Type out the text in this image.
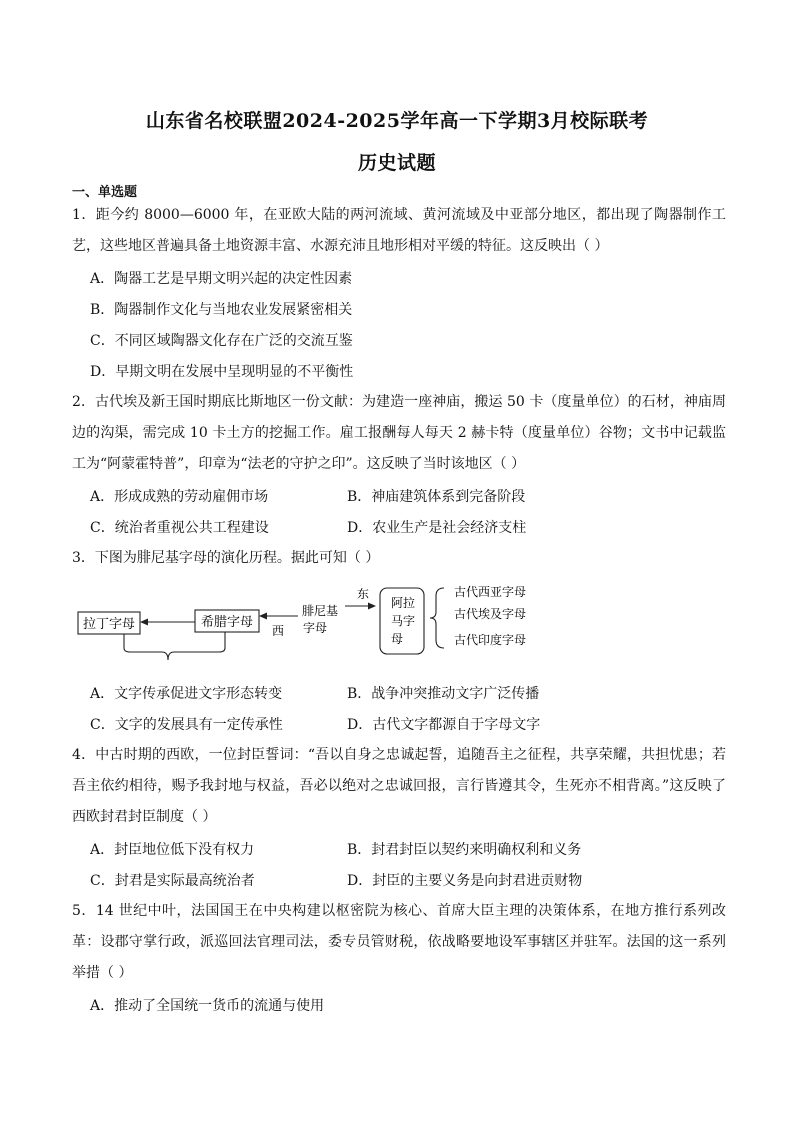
山东省名校联盟2024-2025学年高一下学期3月校际联考
历史试题
一、单选题
1．距今约 8000—6000 年，在亚欧大陆的两河流域、黄河流域及中亚部分地区，都出现了陶器制作工艺，这些地区普遍具备土地资源丰富、水源充沛且地形相对平缓的特征。这反映出（ ）
A．陶器工艺是早期文明兴起的决定性因素
B．陶器制作文化与当地农业发展紧密相关
C．不同区域陶器文化存在广泛的交流互鉴
D．早期文明在发展中呈现明显的不平衡性
2．古代埃及新王国时期底比斯地区一份文献：为建造一座神庙，搬运 50 卡（度量单位）的石材，神庙周边的沟渠，需完成 10 卡土方的挖掘工作。雇工报酬每人每天 2 赫卡特（度量单位）谷物；文书中记载监工为“阿蒙霍特普”，印章为“法老的守护之印”。这反映了当时该地区（ ）
A．形成成熟的劳动雇佣市场	B．神庙建筑体系到完备阶段
C．统治者重视公共工程建设	D．农业生产是社会经济支柱
3．下图为腓尼基字母的演化历程。据此可知（ ）
拉丁字母	希腊字母
西
腓尼基
字母
东
阿拉
马字
母
古代西亚字母
古代埃及字母
古代印度字母
A．文字传承促进文字形态转变	B．战争冲突推动文字广泛传播
C．文字的发展具有一定传承性	D．古代文字都源自于字母文字
4．中古时期的西欧，一位封臣誓词：“吾以自身之忠诚起誓，追随吾主之征程，共享荣耀，共担忧患；若吾主依约相待，赐予我封地与权益，吾必以绝对之忠诚回报，言行皆遵其令，生死亦不相背离。”这反映了西欧封君封臣制度（ ）
A．封臣地位低下没有权力	B．封君封臣以契约来明确权利和义务
C．封君是实际最高统治者	D．封臣的主要义务是向封君进贡财物
5．14 世纪中叶，法国国王在中央构建以枢密院为核心、首席大臣主理的决策体系，在地方推行系列改革：设郡守掌行政，派巡回法官理司法，委专员管财税，依战略要地设军事辖区并驻军。法国的这一系列举措（ ）
A．推动了全国统一货币的流通与使用
